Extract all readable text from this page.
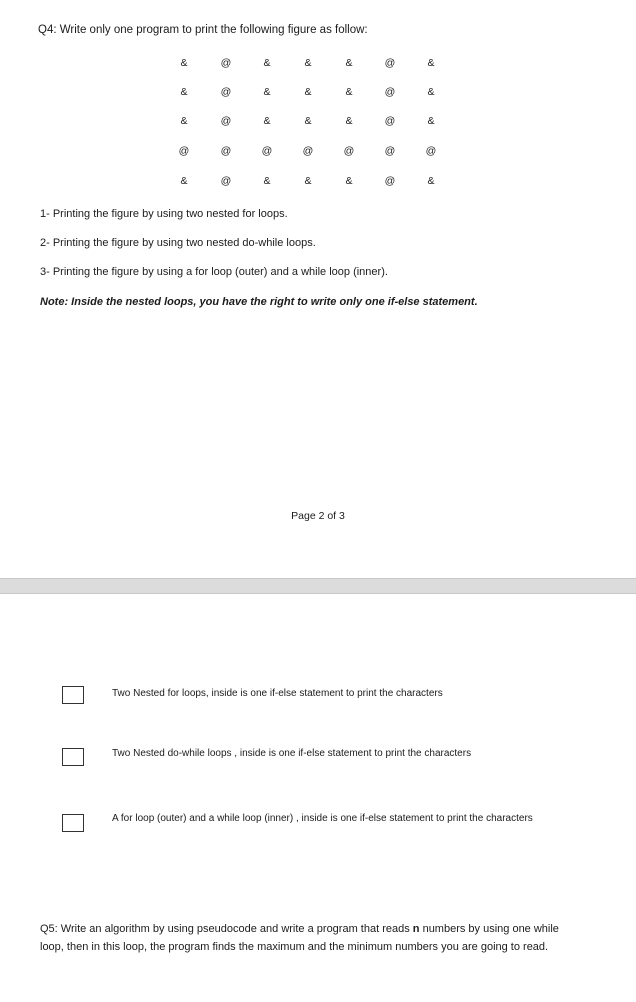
Q4: Write only one program to print the following figure as follow:
&	@	&	&	&	@	&
&	@	&	&	&	@	&
&	@	&	&	&	@	&
@	@	@	@	@	@	@
&	@	&	&	&	@	&
1- Printing the figure by using two nested for loops.
2- Printing the figure by using two nested do-while loops.
3- Printing the figure by using a for loop (outer) and a while loop (inner).
Note: Inside the nested loops, you have the right to write only one if-else statement.
Page 2 of 3
Two Nested for loops, inside is one if-else statement to print the characters
Two Nested do-while loops , inside is one if-else statement to print the characters
A for loop (outer) and a while loop (inner) , inside is one if-else statement to print the characters
Q5: Write an algorithm by using pseudocode and write a program that reads n numbers by using one while loop, then in this loop, the program finds the maximum and the minimum numbers you are going to read.
